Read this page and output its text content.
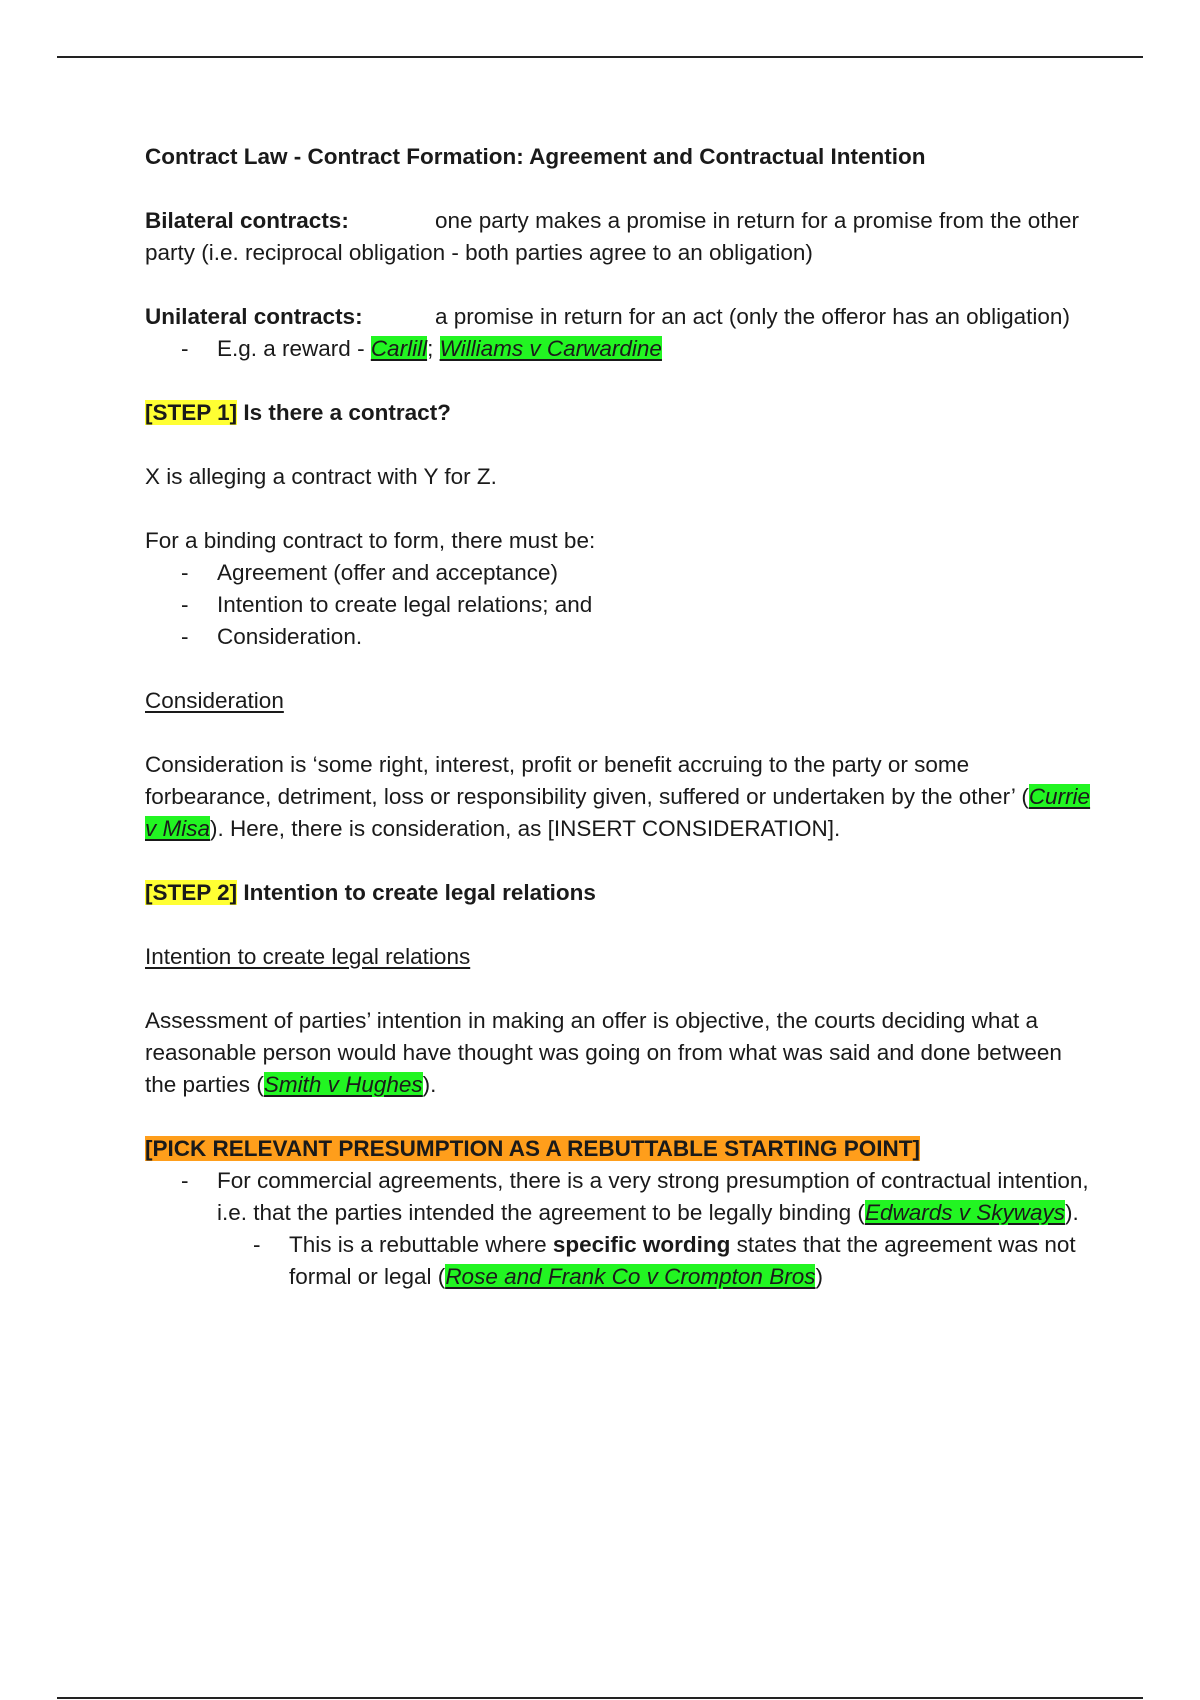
Contract Law - Contract Formation: Agreement and Contractual Intention

Bilateral contracts:	one party makes a promise in return for a promise from the other party (i.e. reciprocal obligation - both parties agree to an obligation)

Unilateral contracts:	a promise in return for an act (only the offeror has an obligation)

- E.g. a reward - Carlill; Williams v Carwardine

[STEP 1] Is there a contract?

X is alleging a contract with Y for Z.

For a binding contract to form, there must be:

- Agreement (offer and acceptance)
- Intention to create legal relations; and
- Consideration.

Consideration

Consideration is ‘some right, interest, profit or benefit accruing to the party or some forbearance, detriment, loss or responsibility given, suffered or undertaken by the other’ (Currie v Misa). Here, there is consideration, as [INSERT CONSIDERATION].

[STEP 2] Intention to create legal relations

Intention to create legal relations

Assessment of parties’ intention in making an offer is objective, the courts deciding what a reasonable person would have thought was going on from what was said and done between the parties (Smith v Hughes).

[PICK RELEVANT PRESUMPTION AS A REBUTTABLE STARTING POINT]

- For commercial agreements, there is a very strong presumption of contractual intention, i.e. that the parties intended the agreement to be legally binding (Edwards v Skyways).
- This is a rebuttable where specific wording states that the agreement was not formal or legal (Rose and Frank Co v Crompton Bros)
